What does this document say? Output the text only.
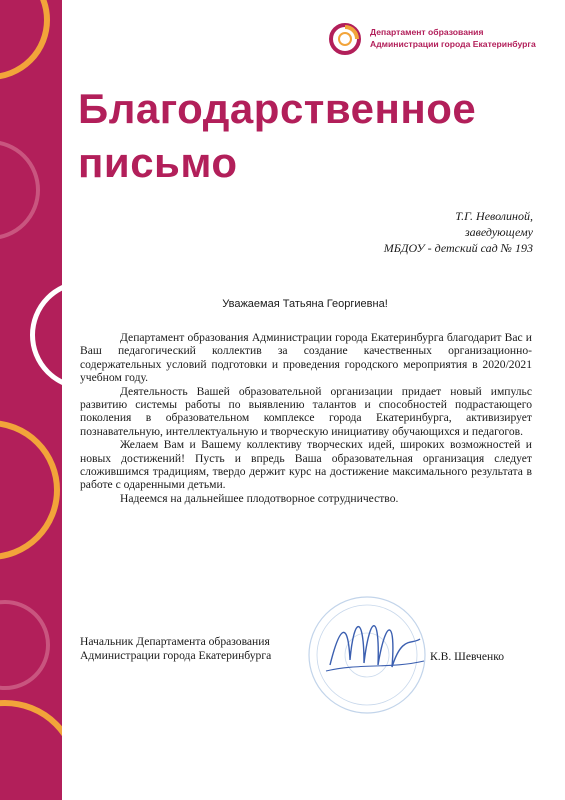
Департамент образования
Администрации города Екатеринбурга
Благодарственное
письмо
Т.Г. Неволиной,
заведующему
МБДОУ - детский сад № 193
Уважаемая Татьяна Георгиевна!

Департамент образования Администрации города Екатеринбурга благодарит Вас и Ваш педагогический коллектив за создание качественных организационно-содержательных условий подготовки и проведения городского мероприятия в 2020/2021 учебном году.

Деятельность Вашей образовательной организации придает новый импульс развитию системы работы по выявлению талантов и способностей подрастающего поколения в образовательном комплексе города Екатеринбурга, активизирует познавательную, интеллектуальную и творческую инициативу обучающихся и педагогов.

Желаем Вам и Вашему коллективу творческих идей, широких возможностей и новых достижений! Пусть и впредь Ваша образовательная организация следует сложившимся традициям, твердо держит курс на достижение максимального результата в работе с одаренными детьми.

Надеемся на дальнейшее плодотворное сотрудничество.

Начальник Департамента образования
Администрации города Екатеринбурга	К.В. Шевченко
